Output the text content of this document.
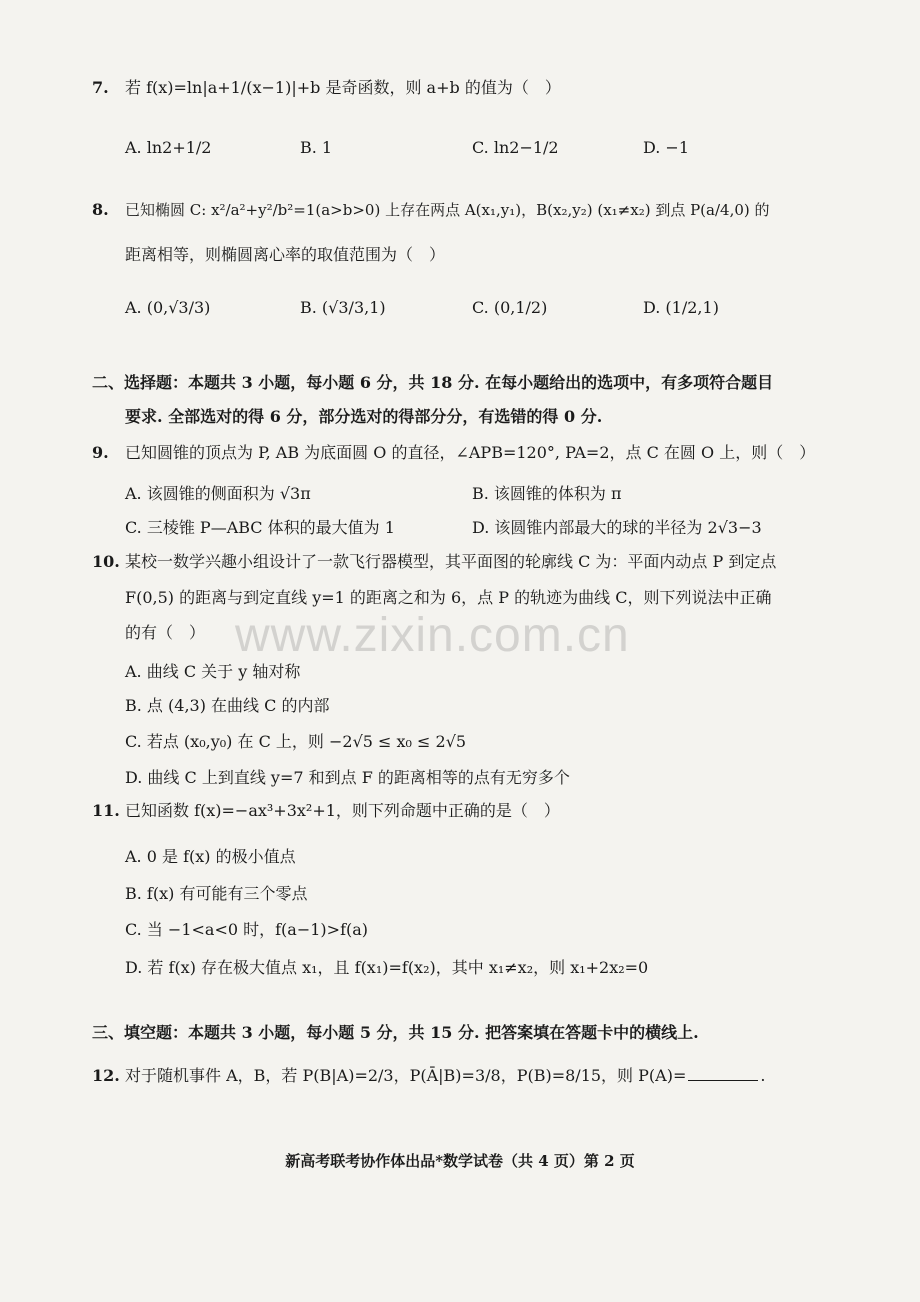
www.zixin.com.cn
7. 若 f(x)=ln|a+1/(x−1)|+b 是奇函数，则 a+b 的值为（　）
A. ln2+1/2	B. 1	C. ln2−1/2	D. −1
8. 已知椭圆 C: x²/a²+y²/b²=1(a>b>0) 上存在两点 A(x₁,y₁)，B(x₂,y₂) (x₁≠x₂) 到点 P(a/4,0) 的
距离相等，则椭圆离心率的取值范围为（　）
A. (0,√3/3)	B. (√3/3,1)	C. (0,1/2)	D. (1/2,1)
二、选择题：本题共 3 小题，每小题 6 分，共 18 分. 在每小题给出的选项中，有多项符合题目
要求. 全部选对的得 6 分，部分选对的得部分分，有选错的得 0 分.
9. 已知圆锥的顶点为 P, AB 为底面圆 O 的直径，∠APB=120°, PA=2，点 C 在圆 O 上，则（　）
A. 该圆锥的侧面积为 √3π	B. 该圆锥的体积为 π
C. 三棱锥 P—ABC 体积的最大值为 1	D. 该圆锥内部最大的球的半径为 2√3−3
10. 某校一数学兴趣小组设计了一款飞行器模型，其平面图的轮廓线 C 为：平面内动点 P 到定点
F(0,5) 的距离与到定直线 y=1 的距离之和为 6，点 P 的轨迹为曲线 C，则下列说法中正确
的有（　）
A. 曲线 C 关于 y 轴对称
B. 点 (4,3) 在曲线 C 的内部
C. 若点 (x₀,y₀) 在 C 上，则 −2√5 ≤ x₀ ≤ 2√5
D. 曲线 C 上到直线 y=7 和到点 F 的距离相等的点有无穷多个
11. 已知函数 f(x)=−ax³+3x²+1，则下列命题中正确的是（　）
A. 0 是 f(x) 的极小值点
B. f(x) 有可能有三个零点
C. 当 −1<a<0 时，f(a−1)>f(a)
D. 若 f(x) 存在极大值点 x₁，且 f(x₁)=f(x₂)，其中 x₁≠x₂，则 x₁+2x₂=0
三、填空题：本题共 3 小题，每小题 5 分，共 15 分. 把答案填在答题卡中的横线上.
12. 对于随机事件 A，B，若 P(B|A)=2/3，P(Ā|B)=3/8，P(B)=8/15，则 P(A)=	.
新高考联考协作体出品*数学试卷（共 4 页）第 2 页
